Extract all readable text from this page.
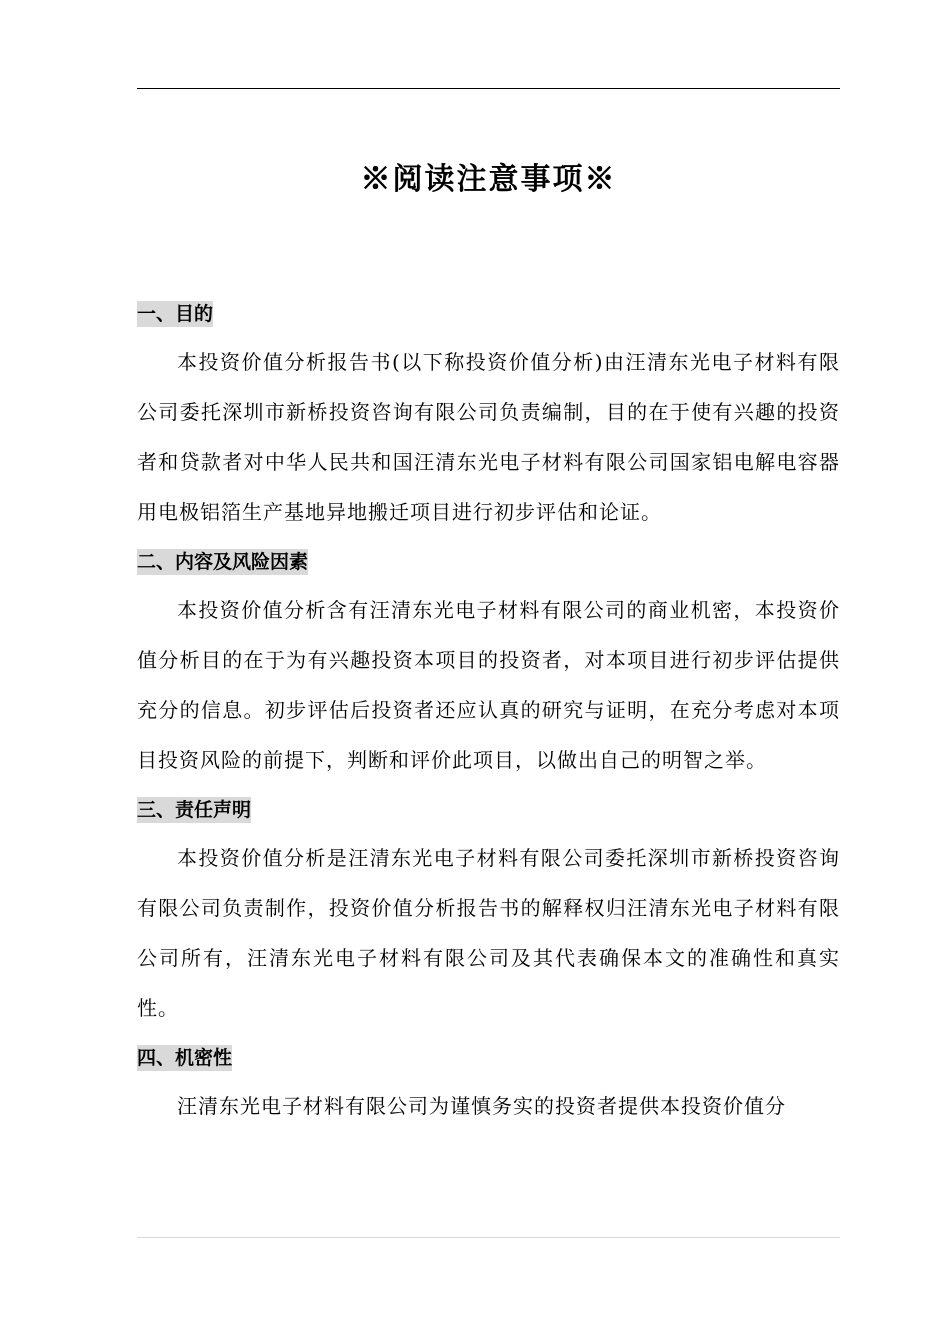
※阅读注意事项※
一、目的

本投资价值分析报告书(以下称投资价值分析)由汪清东光电子材料有限公司委托深圳市新桥投资咨询有限公司负责编制，目的在于使有兴趣的投资者和贷款者对中华人民共和国汪清东光电子材料有限公司国家铝电解电容器用电极铝箔生产基地异地搬迁项目进行初步评估和论证。

二、内容及风险因素

本投资价值分析含有汪清东光电子材料有限公司的商业机密，本投资价值分析目的在于为有兴趣投资本项目的投资者，对本项目进行初步评估提供充分的信息。初步评估后投资者还应认真的研究与证明，在充分考虑对本项目投资风险的前提下，判断和评价此项目，以做出自己的明智之举。

三、责任声明

本投资价值分析是汪清东光电子材料有限公司委托深圳市新桥投资咨询有限公司负责制作，投资价值分析报告书的解释权归汪清东光电子材料有限公司所有，汪清东光电子材料有限公司及其代表确保本文的准确性和真实性。

四、机密性

汪清东光电子材料有限公司为谨慎务实的投资者提供本投资价值分
